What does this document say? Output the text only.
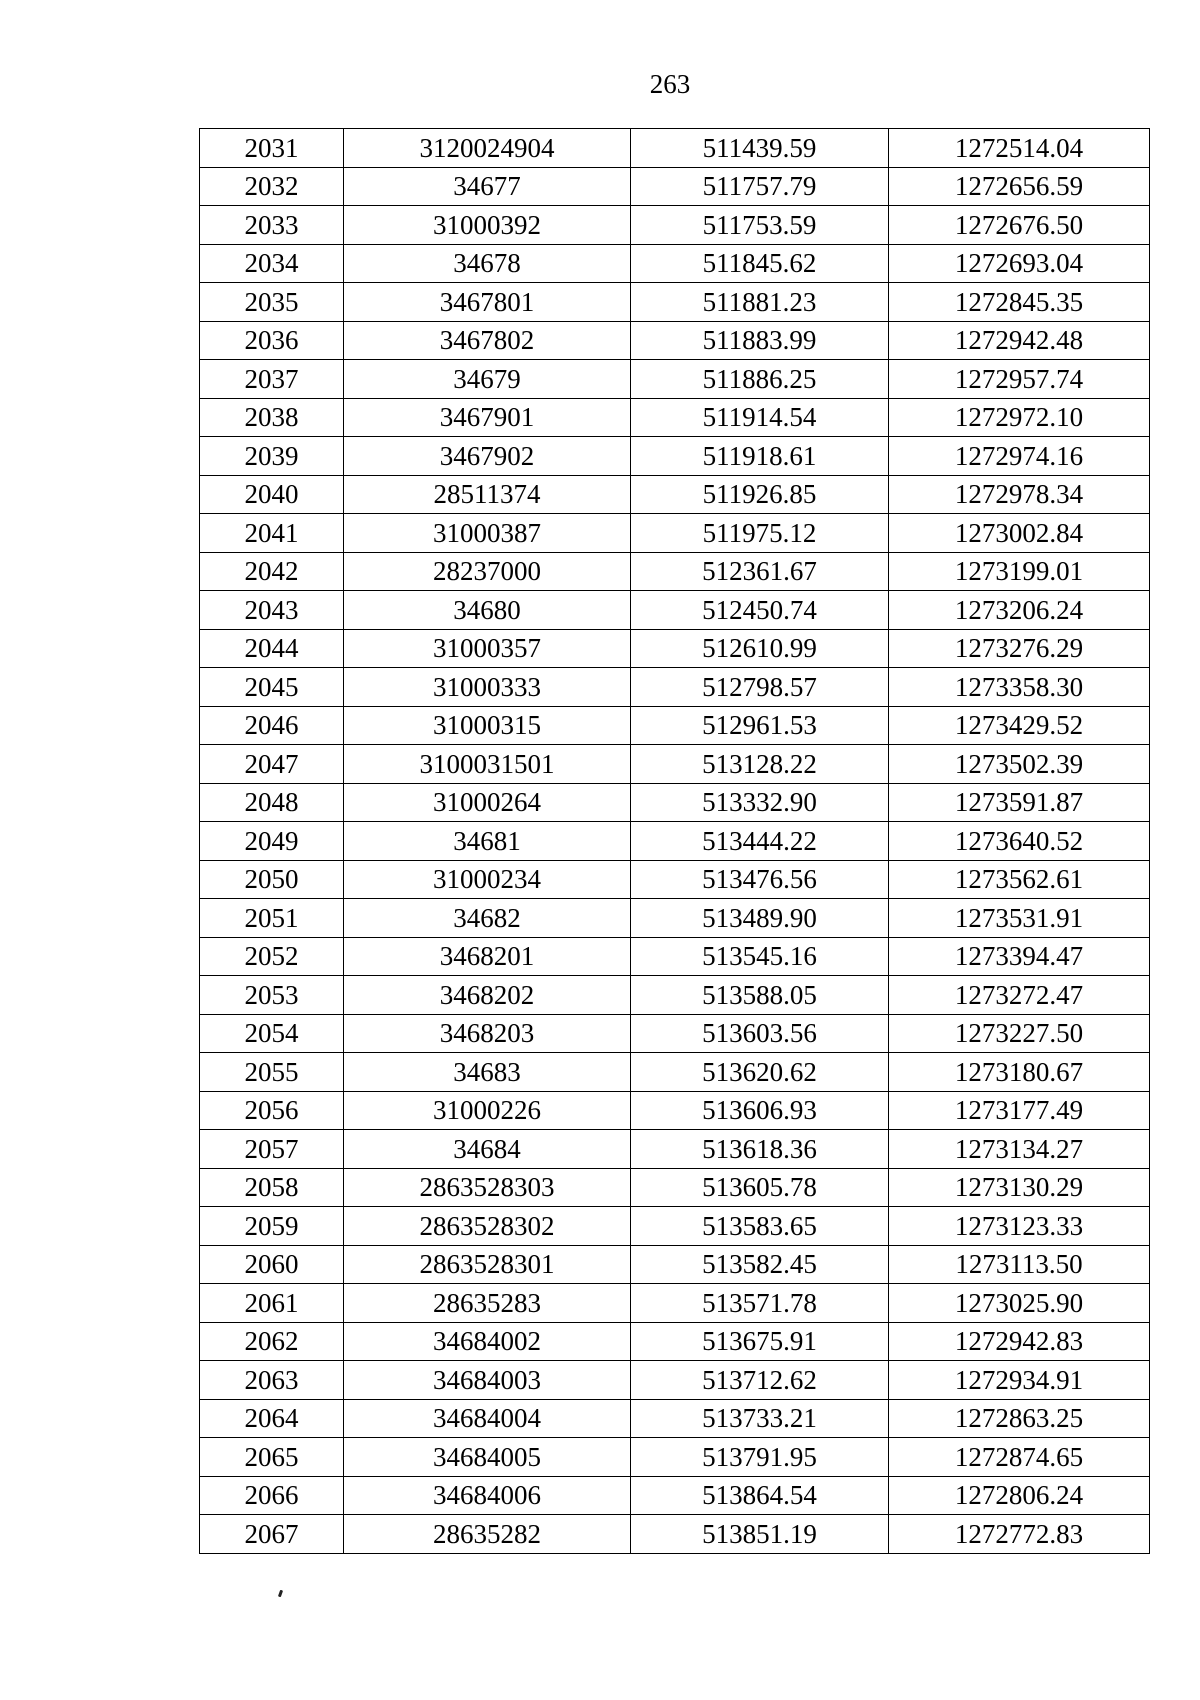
263
2031	3120024904	511439.59	1272514.04
2032	34677	511757.79	1272656.59
2033	31000392	511753.59	1272676.50
2034	34678	511845.62	1272693.04
2035	3467801	511881.23	1272845.35
2036	3467802	511883.99	1272942.48
2037	34679	511886.25	1272957.74
2038	3467901	511914.54	1272972.10
2039	3467902	511918.61	1272974.16
2040	28511374	511926.85	1272978.34
2041	31000387	511975.12	1273002.84
2042	28237000	512361.67	1273199.01
2043	34680	512450.74	1273206.24
2044	31000357	512610.99	1273276.29
2045	31000333	512798.57	1273358.30
2046	31000315	512961.53	1273429.52
2047	3100031501	513128.22	1273502.39
2048	31000264	513332.90	1273591.87
2049	34681	513444.22	1273640.52
2050	31000234	513476.56	1273562.61
2051	34682	513489.90	1273531.91
2052	3468201	513545.16	1273394.47
2053	3468202	513588.05	1273272.47
2054	3468203	513603.56	1273227.50
2055	34683	513620.62	1273180.67
2056	31000226	513606.93	1273177.49
2057	34684	513618.36	1273134.27
2058	2863528303	513605.78	1273130.29
2059	2863528302	513583.65	1273123.33
2060	2863528301	513582.45	1273113.50
2061	28635283	513571.78	1273025.90
2062	34684002	513675.91	1272942.83
2063	34684003	513712.62	1272934.91
2064	34684004	513733.21	1272863.25
2065	34684005	513791.95	1272874.65
2066	34684006	513864.54	1272806.24
2067	28635282	513851.19	1272772.83
